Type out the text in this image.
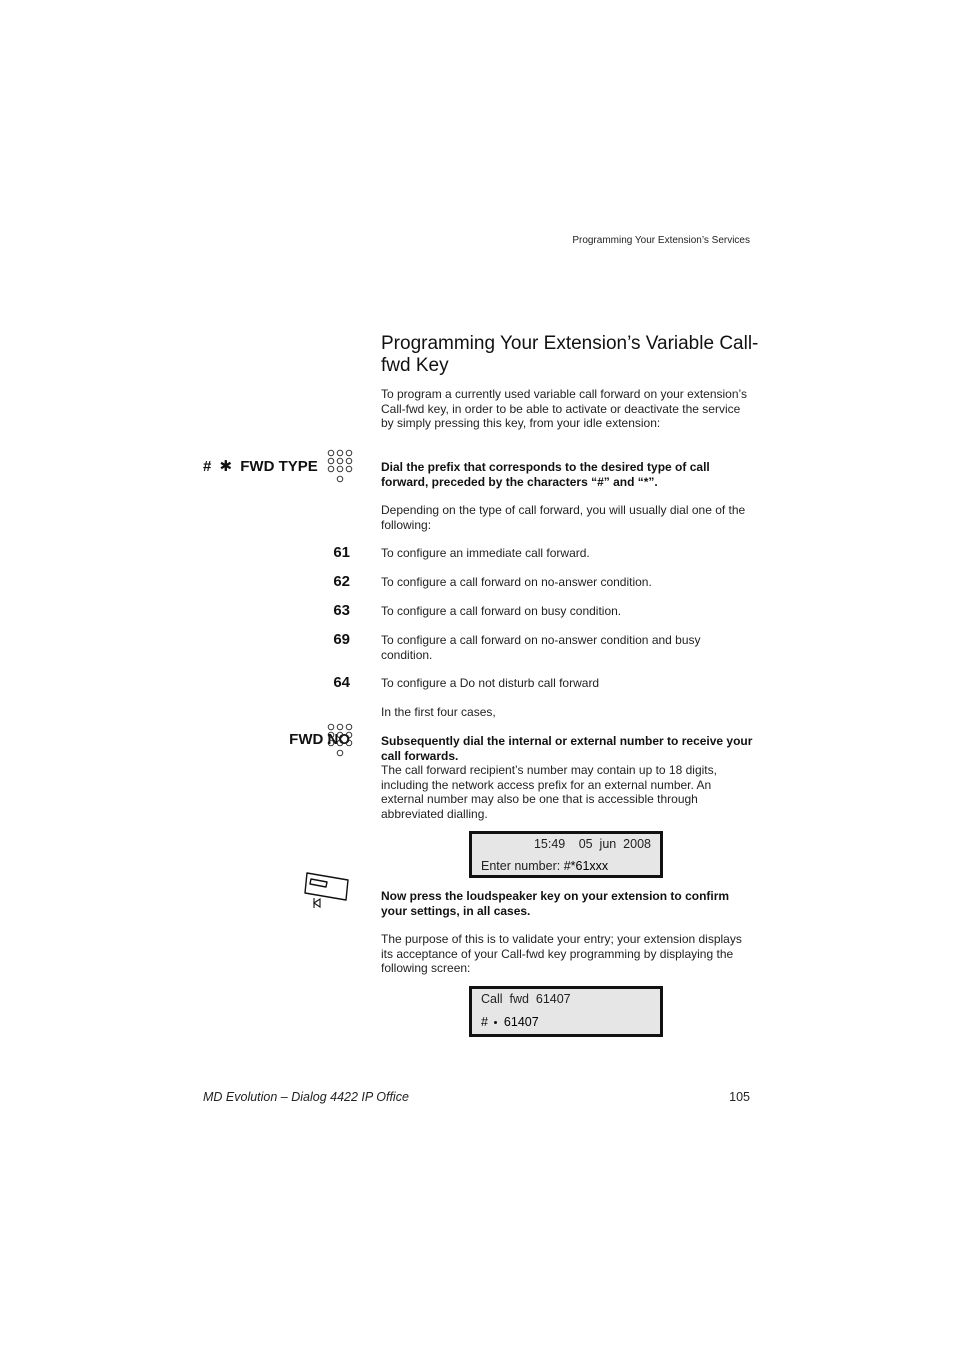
Programming Your Extension’s Services
Programming Your Extension’s Variable Call-fwd Key

To program a currently used variable call forward on your extension’s Call-fwd key, in order to be able to activate or deactivate the service by simply pressing this key, from your idle extension:

# ✱ FWD TYPE	Dial the prefix that corresponds to the desired type of call forward, preceded by the characters “#” and “*”.

Depending on the type of call forward, you will usually dial one of the following:

61	To configure an immediate call forward.

62	To configure a call forward on no-answer condition.

63	To configure a call forward on busy condition.

69	To configure a call forward on no-answer condition and busy condition.

64	To configure a Do not disturb call forward

In the first four cases,

FWD NO	Subsequently dial the internal or external number to receive your call forwards.

The call forward recipient’s number may contain up to 18 digits, including the network access prefix for an external number. An external number may also be one that is accessible through abbreviated dialling.

15:49 05  jun  2008
Enter number: #*61xxx

Now press the loudspeaker key on your extension to confirm your settings, in all cases.

The purpose of this is to validate your entry; your extension displays its acceptance of your Call-fwd key programming by displaying the following screen:

Call  fwd  61407
# 61407
MD Evolution – Dialog 4422 IP Office	105
